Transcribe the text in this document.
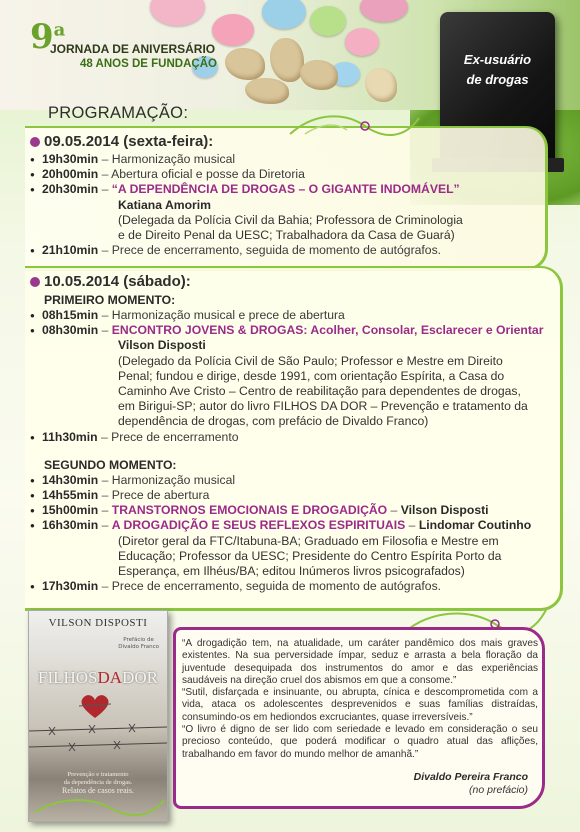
9$^a$
JORNADA DE ANIVERSÁRIO
48 ANOS DE FUNDAÇÃO	Ex-usuário
de drogas
PROGRAMAÇÃO:
09.05.2014 (sexta-feira):
● 19h30min – Harmonização musical
● 20h00min – Abertura oficial e posse da Diretoria
● 20h30min – “A DEPENDÊNCIA DE DROGAS – O GIGANTE INDOMÁVEL”
Katiana Amorim
(Delegada da Polícia Civil da Bahia; Professora de Criminologia
e de Direito Penal da UESC; Trabalhadora da Casa de Guará)
● 21h10min – Prece de encerramento, seguida de momento de autógrafos.
10.05.2014 (sábado):
PRIMEIRO MOMENTO:
● 08h15min – Harmonização musical e prece de abertura
● 08h30min – ENCONTRO JOVENS & DROGAS: Acolher, Consolar, Esclarecer e Orientar
Vilson Disposti
(Delegado da Polícia Civil de São Paulo; Professor e Mestre em Direito
Penal; fundou e dirige, desde 1991, com orientação Espírita, a Casa do
Caminho Ave Cristo – Centro de reabilitação para dependentes de drogas,
em Birigui-SP; autor do livro FILHOS DA DOR – Prevenção e tratamento da
dependência de drogas, com prefácio de Divaldo Franco)
● 11h30min – Prece de encerramento
SEGUNDO MOMENTO:
● 14h30min – Harmonização musical
● 14h55min – Prece de abertura
● 15h00min – TRANSTORNOS EMOCIONAIS E DROGADIÇÃO – Vilson Disposti
● 16h30min – A DROGADIÇÃO E SEUS REFLEXOS ESPIRITUAIS – Lindomar Coutinho
(Diretor geral da FTC/Itabuna-BA; Graduado em Filosofia e Mestre em
Educação; Professor da UESC; Presidente do Centro Espírita Porto da
Esperança, em Ilhéus/BA; editou Inúmeros livros psicografados)
● 17h30min – Prece de encerramento, seguida de momento de autógrafos.
VILSON DISPOSTI
Prefácio de
Divaldo Franco
FILHOSDADOR
Prevenção e tratamento
da dependência de drogas.
Relatos de casos reais.
“A drogadição tem, na atualidade, um caráter pandêmico dos mais graves existentes. Na sua perversidade ímpar, seduz e arrasta a bela floração da juventude desequipada dos instrumentos do amor e das experiências saudáveis na direção cruel dos abismos em que a consome.”
“Sutil, disfarçada e insinuante, ou abrupta, cínica e descomprometida com a vida, ataca os adolescentes desprevenidos e suas famílias distraídas, consumindo-os em hediondos excruciantes, quase irreversíveis.”
“O livro é digno de ser lido com seriedade e levado em consideração o seu precioso conteúdo, que poderá modificar o quadro atual das aflições, trabalhando em favor do mundo melhor de amanhã.”
Divaldo Pereira Franco
(no prefácio)
